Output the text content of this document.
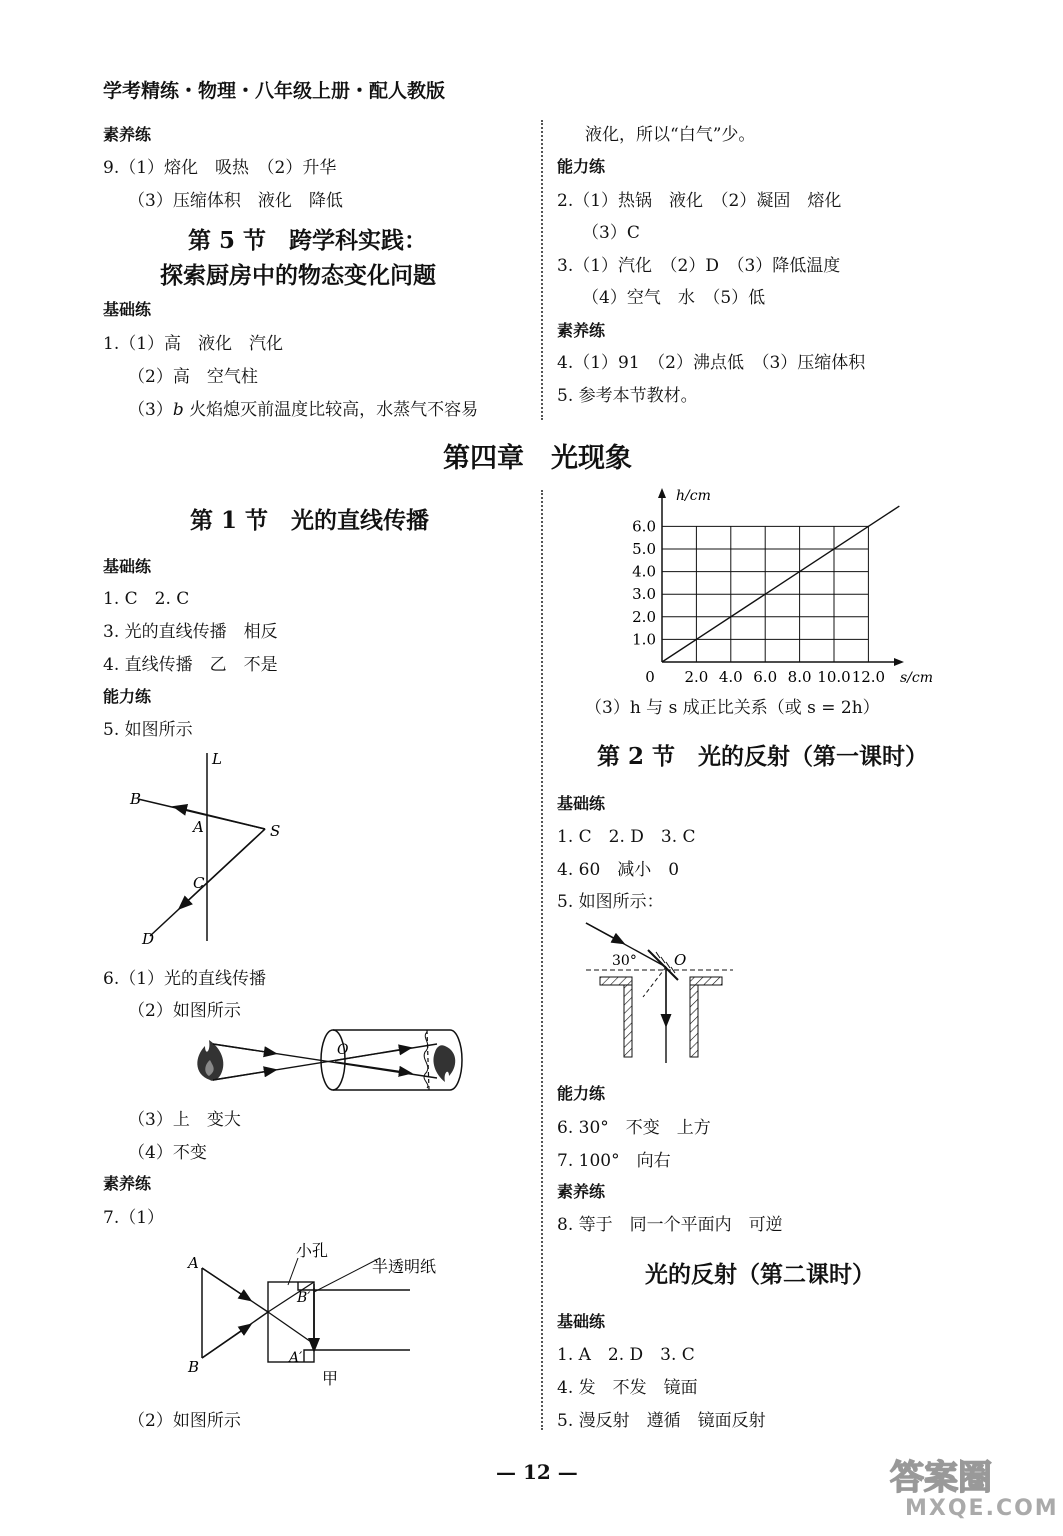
学考精练・物理・八年级上册・配人教版
素养练
9.（1）熔化　吸热　（2）升华
（3）压缩体积　液化　降低
第 5 节　跨学科实践：
探索厨房中的物态变化问题
基础练
1.（1）高　液化　汽化
（2）高　空气柱
（3）b 火焰熄灭前温度比较高，水蒸气不容易
液化，所以“白气”少。
能力练
2.（1）热锅　液化　（2）凝固　熔化
（3）C
3.（1）汽化　（2）D　（3）降低温度
（4）空气　水　（5）低
素养练
4.（1）91　（2）沸点低　（3）压缩体积
5. 参考本节教材。
第四章　光现象
第 1 节　光的直线传播
基础练
1. C　2. C
3. 光的直线传播　相反
4. 直线传播　乙　不是
能力练
5. 如图所示
L
B
A	S
C
D
6.（1）光的直线传播
（2）如图所示
O
（3）上　变大
（4）不变
素养练
7.（1）
A
B
小孔
半透明纸
B′
A′
甲
（2）如图所示
1.0
2.0
3.0
4.0
5.0
6.0
0 2.0 4.0 6.0 8.0 10.0 12.0
h/cm
s/cm
（3）h 与 s 成正比关系（或 s = 2h）
第 2 节　光的反射（第一课时）
基础练
1. C　2. D　3. C
4. 60　减小　0
5. 如图所示：
30° O
能力练
6. 30°　不变　上方
7. 100°　向右
素养练
8. 等于　同一个平面内　可逆
光的反射（第二课时）
基础练
1. A　2. D　3. C
4. 发　不发　镜面
5. 漫反射　遵循　镜面反射
— 12 —	答案圈
MXQE.COM
